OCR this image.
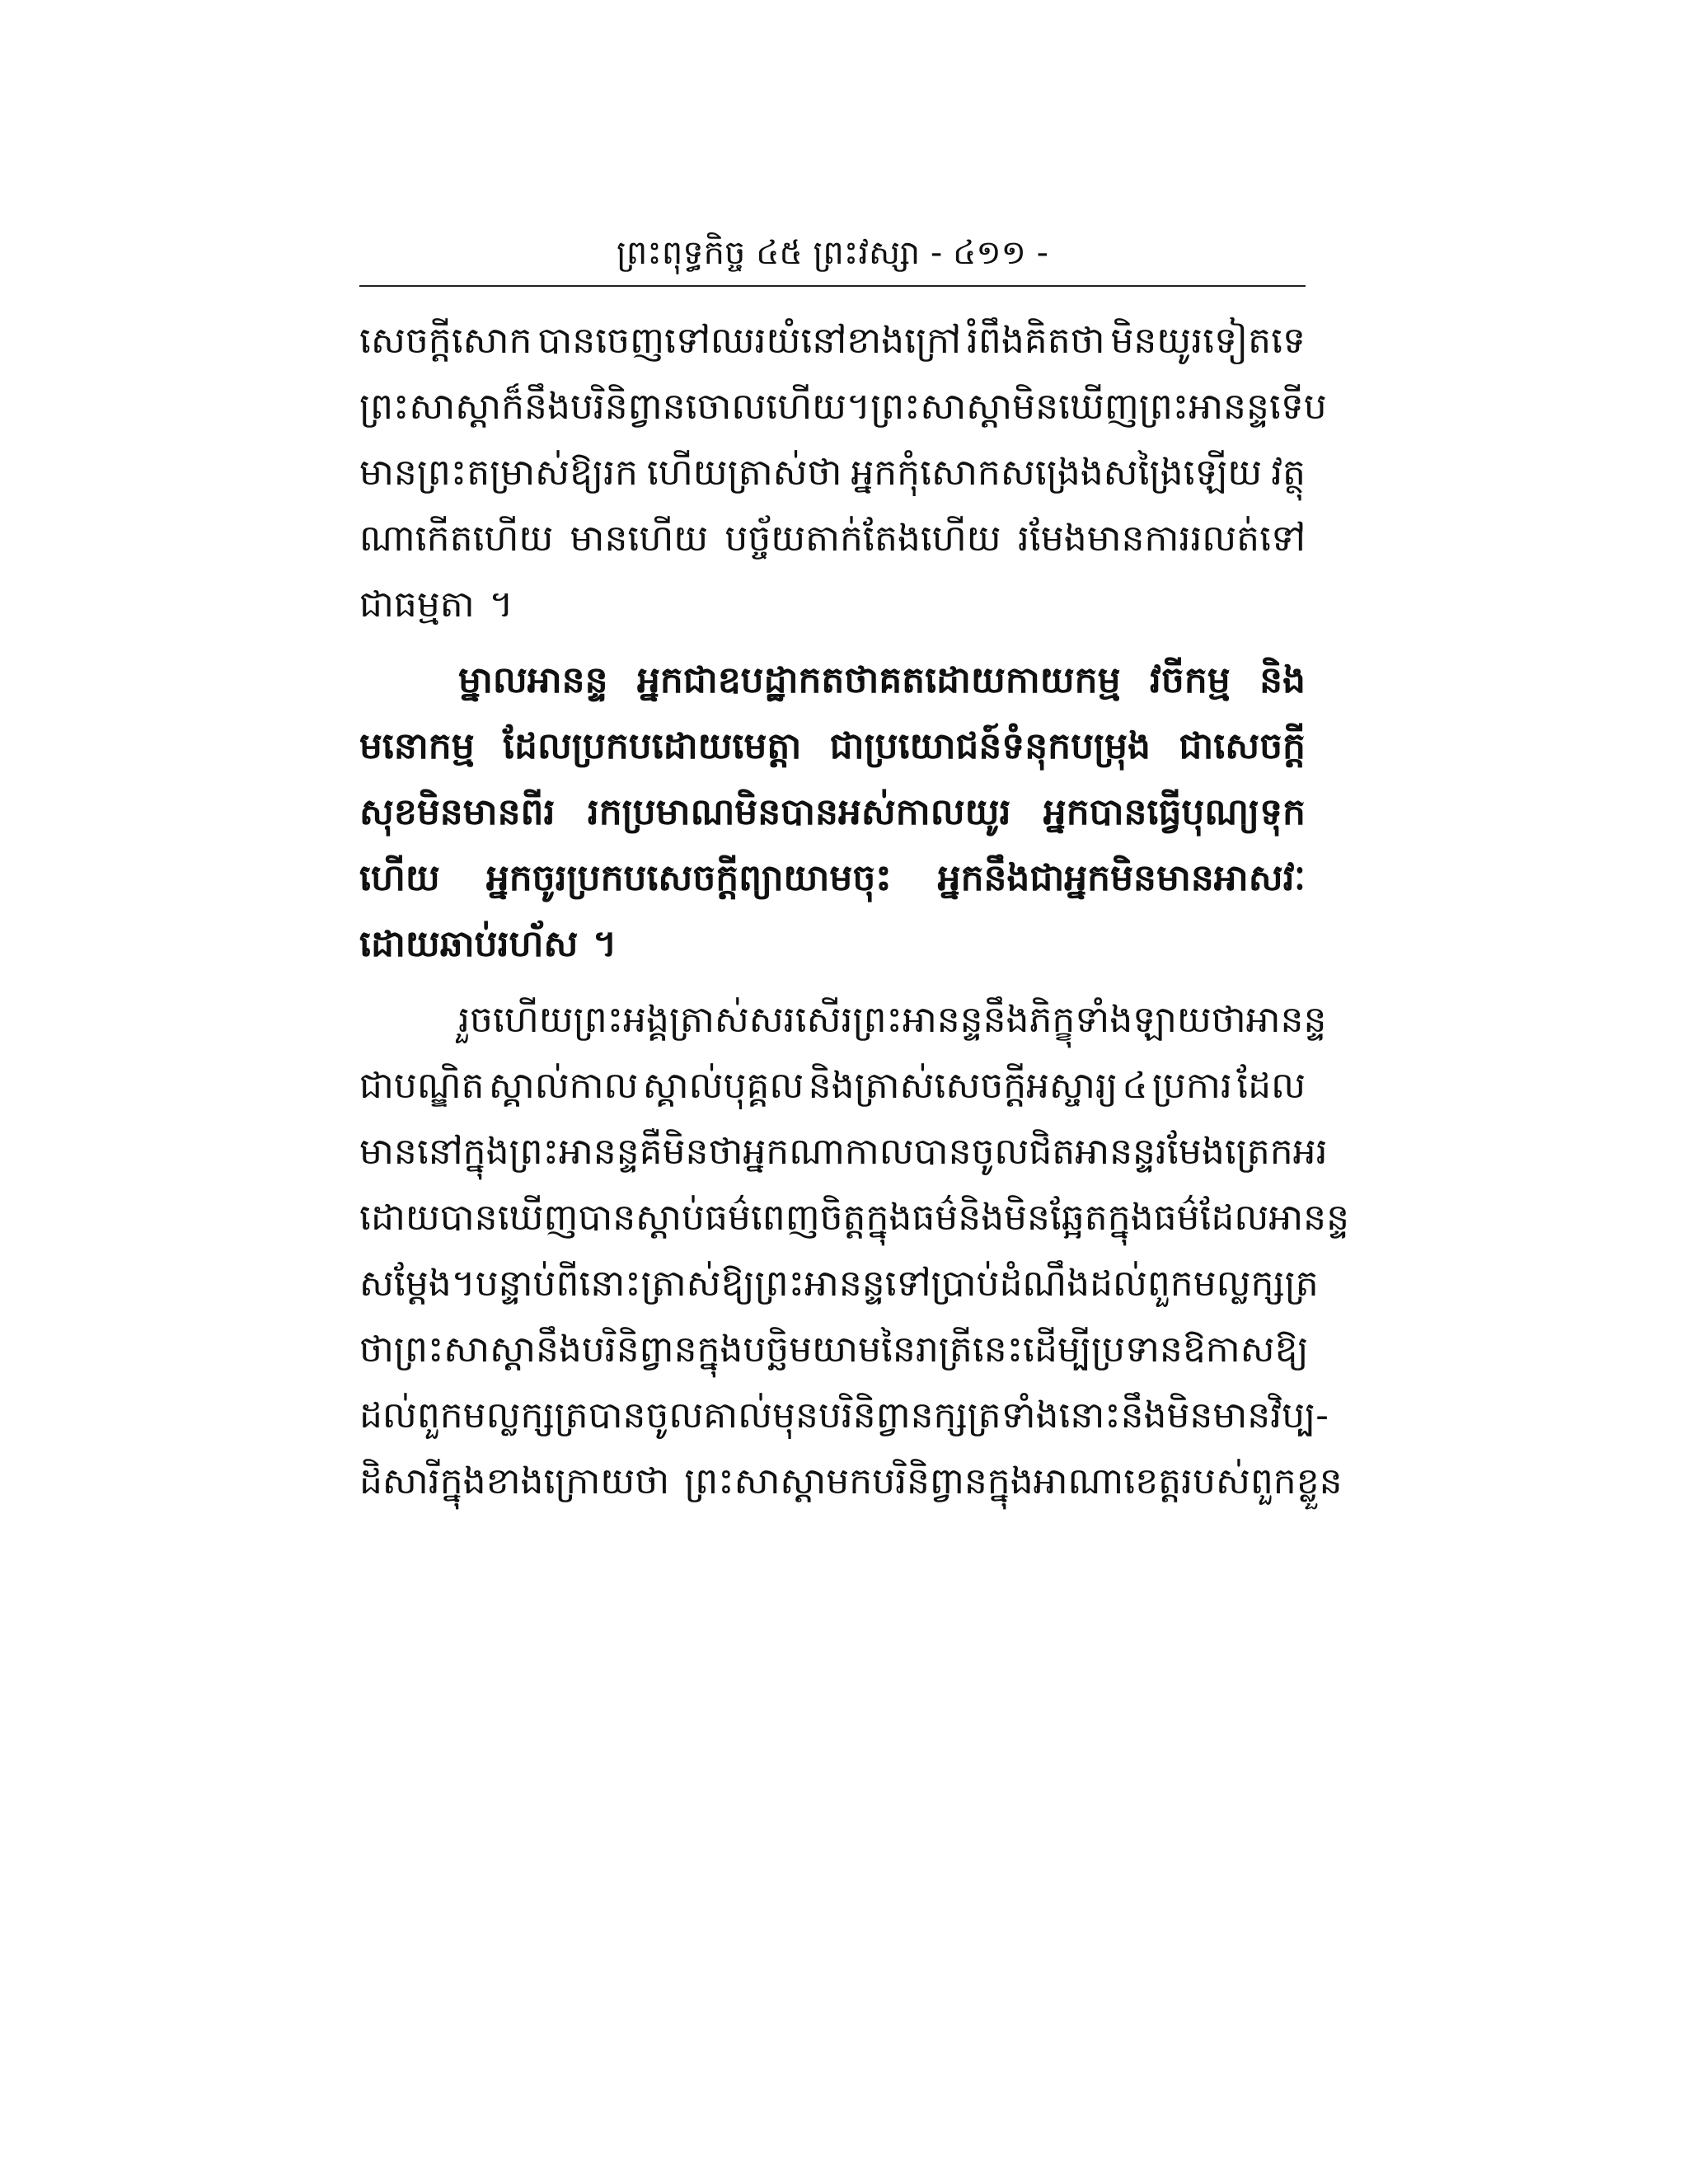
ព្រះពុទ្ធកិច្ច ៤៥ ព្រះវស្សា - ៤១១ -
សេចក្តីសោក បានចេញទៅឈរយំនៅខាងក្រៅ រំពឹងគិតថា មិនយូរទៀតទេ
ព្រះសាស្តាក៏នឹងបរិនិព្វានចោលហើយ ។ ព្រះសាស្តា មិនឃើញព្រះអានន្ទ ទើប
មានព្រះតម្រាស់ឱ្យរក ហើយត្រាស់ថា អ្នកកុំសោកសង្រេងសង្រៃឡើយ វត្ថុ
ណាកើតហើយ មានហើយ បច្ច័យតាក់តែងហើយ រមែងមានការរលត់ទៅ
ជាធម្មតា ។
ម្នាលអានន្ទ អ្នកជាឧបដ្ឋាកតថាគតដោយកាយកម្ម វចីកម្ម និង
មនោកម្ម ដែលប្រកបដោយមេត្តា ជាប្រយោជន៍ទំនុកបម្រុង ជាសេចក្តី
សុខមិនមានពីរ រកប្រមាណមិនបានអស់កាលយូរ អ្នកបានធ្វើបុណ្យទុក
ហើយ អ្នកចូរប្រកបសេចក្តីព្យាយាមចុះ អ្នកនឹងជាអ្នកមិនមានអាសវៈ
ដោយឆាប់រហ័ស ។
រួចហើយ ព្រះអង្គត្រាស់សរសើរព្រះអានន្ទនឹងភិក្ខុទាំងឡាយថា អានន្ទ
ជាបណ្ឌិត ស្គាល់កាល ស្គាល់បុគ្គល និងត្រាស់សេចក្តីអស្ចារ្យ ៤ ប្រការ ដែល
មាននៅក្នុងព្រះអានន្ទ គឺមិនថាអ្នកណា កាលបានចូលជិតអានន្ទ រមែងត្រេកអរ
ដោយបានឃើញ បានស្តាប់ធម៌ពេញចិត្តក្នុងធម៌ និងមិនឆ្អែតក្នុងធម៌ដែលអានន្ទ
សម្តែង ។ បន្ទាប់ពីនោះ ត្រាស់ឱ្យព្រះអានន្ទទៅប្រាប់ដំណឹងដល់ពួកមល្លក្សត្រ
ថា ព្រះសាស្តានឹងបរិនិព្វានក្នុងបច្ឆិមយាមនៃរាត្រីនេះ ដើម្បីប្រទានឱកាសឱ្យ
ដល់ពួកមល្លក្សត្រ បានចូលគាល់មុនបរិនិព្វាន ក្សត្រទាំងនោះនឹងមិនមាន វិប្ប-
ដិសារីក្នុងខាងក្រោយថា ព្រះសាស្តាមកបរិនិព្វានក្នុងអាណាខេត្តរបស់ពួកខ្លួន
